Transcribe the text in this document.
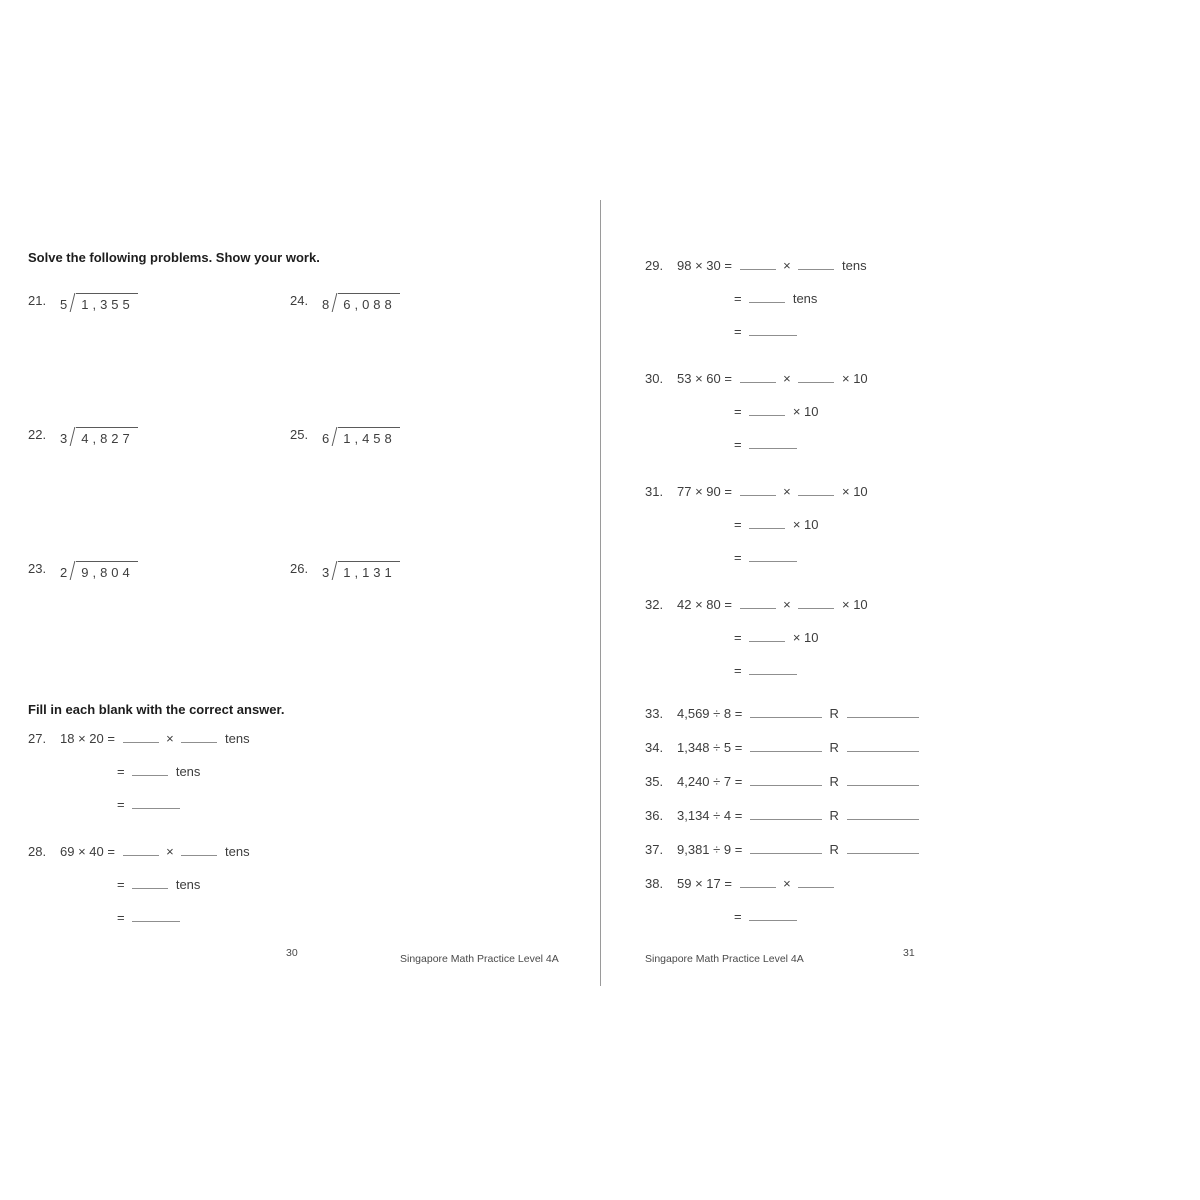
Solve the following problems. Show your work.
21.	5 1,355	24.	8 6,088
22.	3 4,827	25.	6 1,458
23.	2 9,804	26.	3 1,131
Fill in each blank with the correct answer.
27.	18 × 20 =	×	tens
=	tens
=
28.	69 × 40 =	×	tens
=	tens
=
30	Singapore Math Practice Level 4A
29.	98 × 30 =	×	tens
=	tens
=
30.	53 × 60 =	×	× 10
=	× 10
=
31.	77 × 90 =	×	× 10
=	× 10
=
32.	42 × 80 =	×	× 10
=	× 10
=
33.	4,569 ÷ 8 =	R
34.	1,348 ÷ 5 =	R
35.	4,240 ÷ 7 =	R
36.	3,134 ÷ 4 =	R
37.	9,381 ÷ 9 =	R
38.	59 × 17 =	×
=
Singapore Math Practice Level 4A	31
